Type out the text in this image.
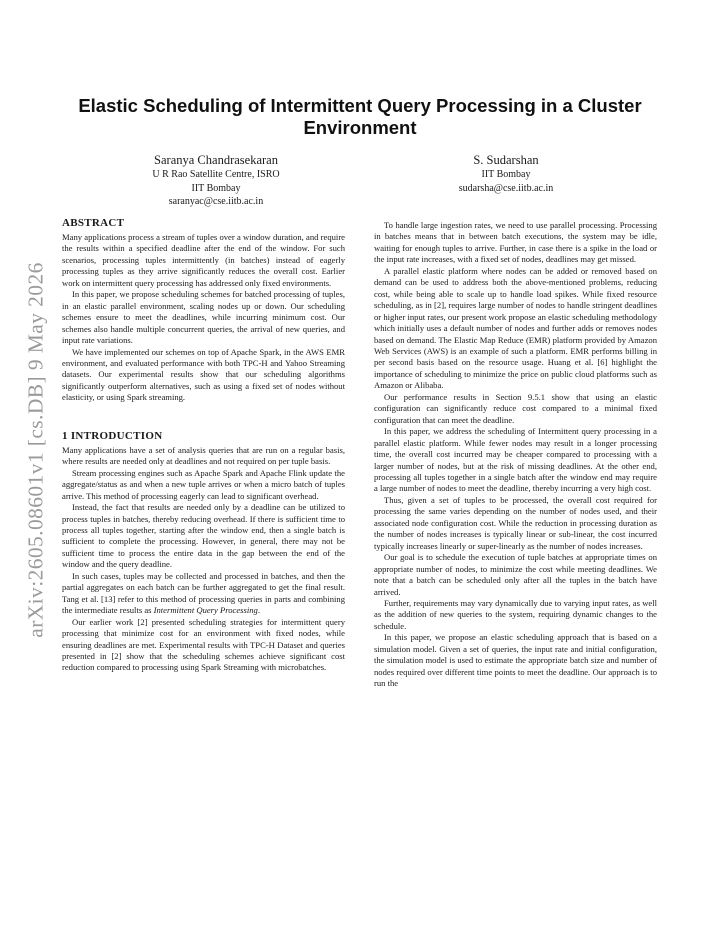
arXiv:2605.08601v1 [cs.DB] 9 May 2026
Elastic Scheduling of Intermittent Query Processing in a Cluster Environment
Saranya Chandrasekaran
U R Rao Satellite Centre, ISRO
IIT Bombay
saranyac@cse.iitb.ac.in
S. Sudarshan
IIT Bombay
sudarsha@cse.iitb.ac.in
ABSTRACT

Many applications process a stream of tuples over a window duration, and require the results within a specified deadline after the end of the window. For such scenarios, processing tuples intermittently (in batches) instead of eagerly processing tuples as they arrive significantly reduces the overall cost. Earlier work on intermittent query processing has addressed only fixed environments.

In this paper, we propose scheduling schemes for batched processing of tuples, in an elastic parallel environment, scaling nodes up or down. Our scheduling schemes ensure to meet the deadlines, while incurring minimum cost. Our schemes also handle multiple concurrent queries, the arrival of new queries, and input rate variations.

We have implemented our schemes on top of Apache Spark, in the AWS EMR environment, and evaluated performance with both TPC-H and Yahoo Streaming datasets. Our experimental results show that our scheduling algorithms significantly outperform alternatives, such as using a fixed set of nodes without elasticity, or using Spark streaming.

1 INTRODUCTION

Many applications have a set of analysis queries that are run on a regular basis, where results are needed only at deadlines and not required on per tuple basis.

Stream processing engines such as Apache Spark and Apache Flink update the aggregate/status as and when a new tuple arrives or when a micro batch of tuples arrive. This method of processing eagerly can lead to significant overhead.

Instead, the fact that results are needed only by a deadline can be utilized to process tuples in batches, thereby reducing overhead. If there is sufficient time to process all tuples together, starting after the window end, then a single batch is sufficient to complete the processing. However, in general, there may not be sufficient time to process the entire data in the gap between the end of the window and the query deadline.

In such cases, tuples may be collected and processed in batches, and then the partial aggregates on each batch can be further aggregated to get the final result. Tang et al. [13] refer to this method of processing queries in parts and combining the intermediate results as Intermittent Query Processing.

Our earlier work [2] presented scheduling strategies for intermittent query processing that minimize cost for an environment with fixed nodes, while ensuring deadlines are met. Experimental results with TPC-H Dataset and queries presented in [2] show that the scheduling schemes achieve significant cost reduction compared to processing using Spark Streaming with microbatches.

To handle large ingestion rates, we need to use parallel processing. Processing in batches means that in between batch executions, the system may be idle, waiting for enough tuples to arrive. Further, in case there is a spike in the load or the input rate increases, with a fixed set of nodes, deadlines may get missed.

A parallel elastic platform where nodes can be added or removed based on demand can be used to address both the above-mentioned problems, reducing cost, while being able to scale up to handle load spikes. While fixed resource scheduling, as in [2], requires large number of nodes to handle stringent deadlines or higher input rates, our present work propose an elastic scheduling methodology which initially uses a default number of nodes and further adds or removes nodes based on demand. The Elastic Map Reduce (EMR) platform provided by Amazon Web Services (AWS) is an example of such a platform. EMR performs billing in per second basis based on the resource usage. Huang et al. [6] highlight the importance of scheduling to minimize the price on public cloud platforms such as Amazon or Alibaba.

Our performance results in Section 9.5.1 show that using an elastic configuration can significantly reduce cost compared to a minimal fixed configuration that can meet the deadline.

In this paper, we address the scheduling of Intermittent query processing in a parallel elastic platform. While fewer nodes may result in a longer processing time, the overall cost incurred may be cheaper compared to processing with a larger number of nodes, but at the risk of missing deadlines. At the other end, processing all tuples together in a single batch after the window end may require a large number of nodes to meet the deadline, thereby incurring a very high cost.

Thus, given a set of tuples to be processed, the overall cost required for processing the same varies depending on the number of nodes used, and their associated node configuration cost. While the reduction in processing duration as the number of nodes increases is typically linear or sub-linear, the cost incurred typically increases linearly or super-linearly as the number of nodes increases.

Our goal is to schedule the execution of tuple batches at appropriate times on appropriate number of nodes, to minimize the cost while meeting deadlines. We note that a batch can be scheduled only after all the tuples in the batch have arrived.

Further, requirements may vary dynamically due to varying input rates, as well as the addition of new queries to the system, requiring dynamic changes to the schedule.

In this paper, we propose an elastic scheduling approach that is based on a simulation model. Given a set of queries, the input rate and initial configuration, the simulation model is used to estimate the appropriate batch size and number of nodes required over different time points to meet the deadline. Our approach is to run the
